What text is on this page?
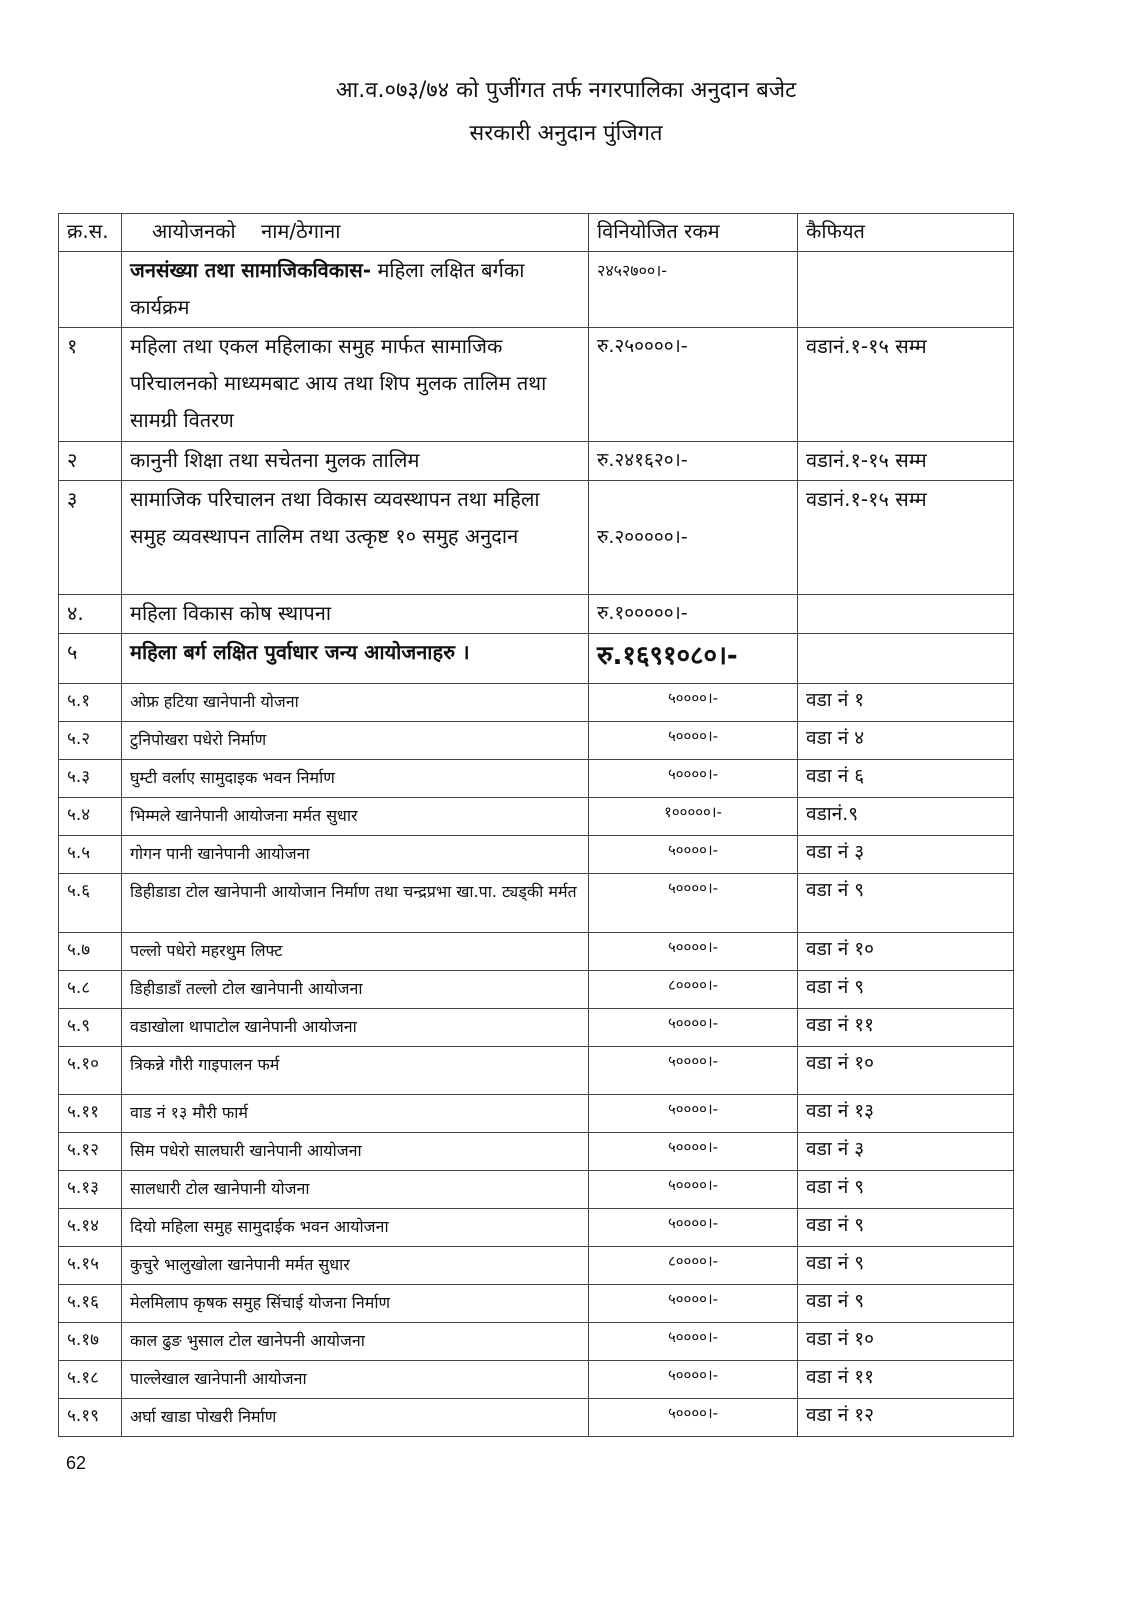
आ.व.०७३/७४ को पुजींगत तर्फ नगरपालिका अनुदान बजेट
सरकारी अनुदान पुंजिगत
क्र.स.	आयोजनको    नाम/ठेगाना	विनियोजित रकम	कैफियत
	जनसंख्या तथा सामाजिकविकास- महिला लक्षित बर्गका कार्यक्रम	२४५२७००।-	
१	महिला तथा एकल महिलाका समुह मार्फत सामाजिक परिचालनको माध्यमबाट आय तथा शिप मुलक तालिम तथा सामग्री वितरण	रु.२५००००।-	वडानं.१-१५ सम्म
२	कानुनी शिक्षा तथा सचेतना मुलक तालिम	रु.२४१६२०।-	वडानं.१-१५ सम्म
३	सामाजिक परिचालन तथा विकास व्यवस्थापन तथा महिला समुह व्यवस्थापन तालिम तथा उत्कृष्ट १० समुह अनुदान	रु.२०००००।-	वडानं.१-१५ सम्म
४.	महिला विकास कोष स्थापना	रु.१०००००।-	
५	महिला बर्ग लक्षित पुर्वाधार जन्य आयोजनाहरु ।	रु.१६९१०८०।-	
५.१	ओफ्र हटिया खानेपानी योजना	५००००।-	वडा नं १
५.२	टुनिपोखरा पधेरो निर्माण	५००००।-	वडा नं ४
५.३	घुम्टी वर्लाए सामुदाइक भवन निर्माण	५००००।-	वडा नं ६
५.४	भिम्मले खानेपानी आयोजना मर्मत सुधार	१०००००।-	वडानं.९
५.५	गोगन पानी खानेपानी आयोजना	५००००।-	वडा नं ३
५.६	डिहीडाडा टोल खानेपानी आयोजान निर्माण तथा चन्द्रप्रभा खा.पा. ट्यड्की मर्मत	५००००।-	वडा नं ९
५.७	पल्लो पधेरो महरथुम लिफ्ट	५००००।-	वडा नं १०
५.८	डिहीडाडाँ तल्लो टोल खानेपानी आयोजना	८००००।-	वडा नं ९
५.९	वडाखोला थापाटोल खानेपानी आयोजना	५००००।-	वडा नं ११
५.१०	त्रिकन्ने गौरी गाइपालन फर्म	५००००।-	वडा नं १०
५.११	वाड नं १३ मौरी फार्म	५००००।-	वडा नं १३
५.१२	सिम पधेरो सालघारी खानेपानी आयोजना	५००००।-	वडा नं ३
५.१३	सालधारी टोल खानेपानी योजना	५००००।-	वडा नं ९
५.१४	दियो महिला समुह सामुदाईक भवन आयोजना	५००००।-	वडा नं ९
५.१५	कुचुरे भालुखोला खानेपानी मर्मत सुधार	८००००।-	वडा नं ९
५.१६	मेलमिलाप कृषक समुह सिंचाई योजना निर्माण	५००००।-	वडा नं ९
५.१७	काल ढुङ भुसाल टोल खानेपनी आयोजना	५००००।-	वडा नं १०
५.१८	पाल्लेखाल खानेपानी आयोजना	५००००।-	वडा नं ११
५.१९	अर्घा खाडा पोखरी निर्माण	५००००।-	वडा नं १२
62
